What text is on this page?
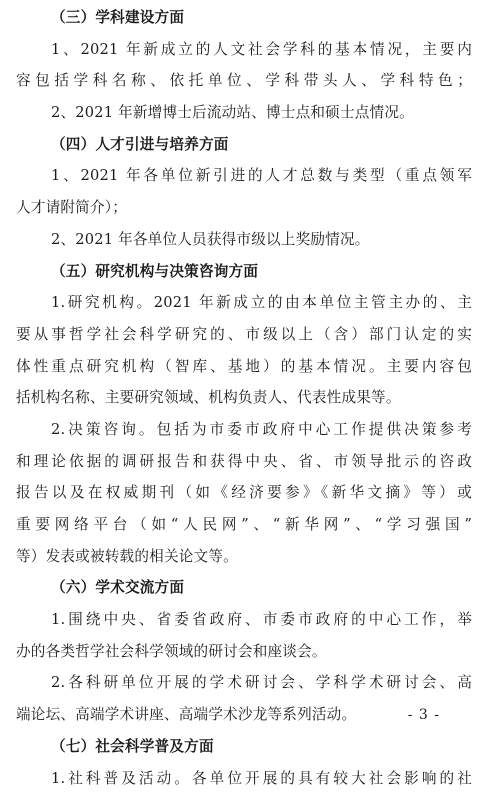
（三）学科建设方面
1、2021 年新成立的人文社会学科的基本情况，主要内
容包括学科名称、依托单位、学科带头人、学科特色；
2、2021 年新增博士后流动站、博士点和硕士点情况。
（四）人才引进与培养方面
1、2021 年各单位新引进的人才总数与类型（重点领军
人才请附简介）；
2、2021 年各单位人员获得市级以上奖励情况。
（五）研究机构与决策咨询方面
1.研究机构。2021 年新成立的由本单位主管主办的、主
要从事哲学社会科学研究的、市级以上（含）部门认定的实
体性重点研究机构（智库、基地）的基本情况。主要内容包
括机构名称、主要研究领域、机构负责人、代表性成果等。
2.决策咨询。包括为市委市政府中心工作提供决策参考
和理论依据的调研报告和获得中央、省、市领导批示的咨政
报告以及在权威期刊（如《经济要参》《新华文摘》等）或
重要网络平台（如“人民网”、“新华网”、“学习强国”
等）发表或被转载的相关论文等。
（六）学术交流方面
1.围绕中央、省委省政府、市委市政府的中心工作，举
办的各类哲学社会科学领域的研讨会和座谈会。
2.各科研单位开展的学术研讨会、学科学术研讨会、高
端论坛、高端学术讲座、高端学术沙龙等系列活动。
（七）社会科学普及方面
1.社科普及活动。各单位开展的具有较大社会影响的社
- 3 -
